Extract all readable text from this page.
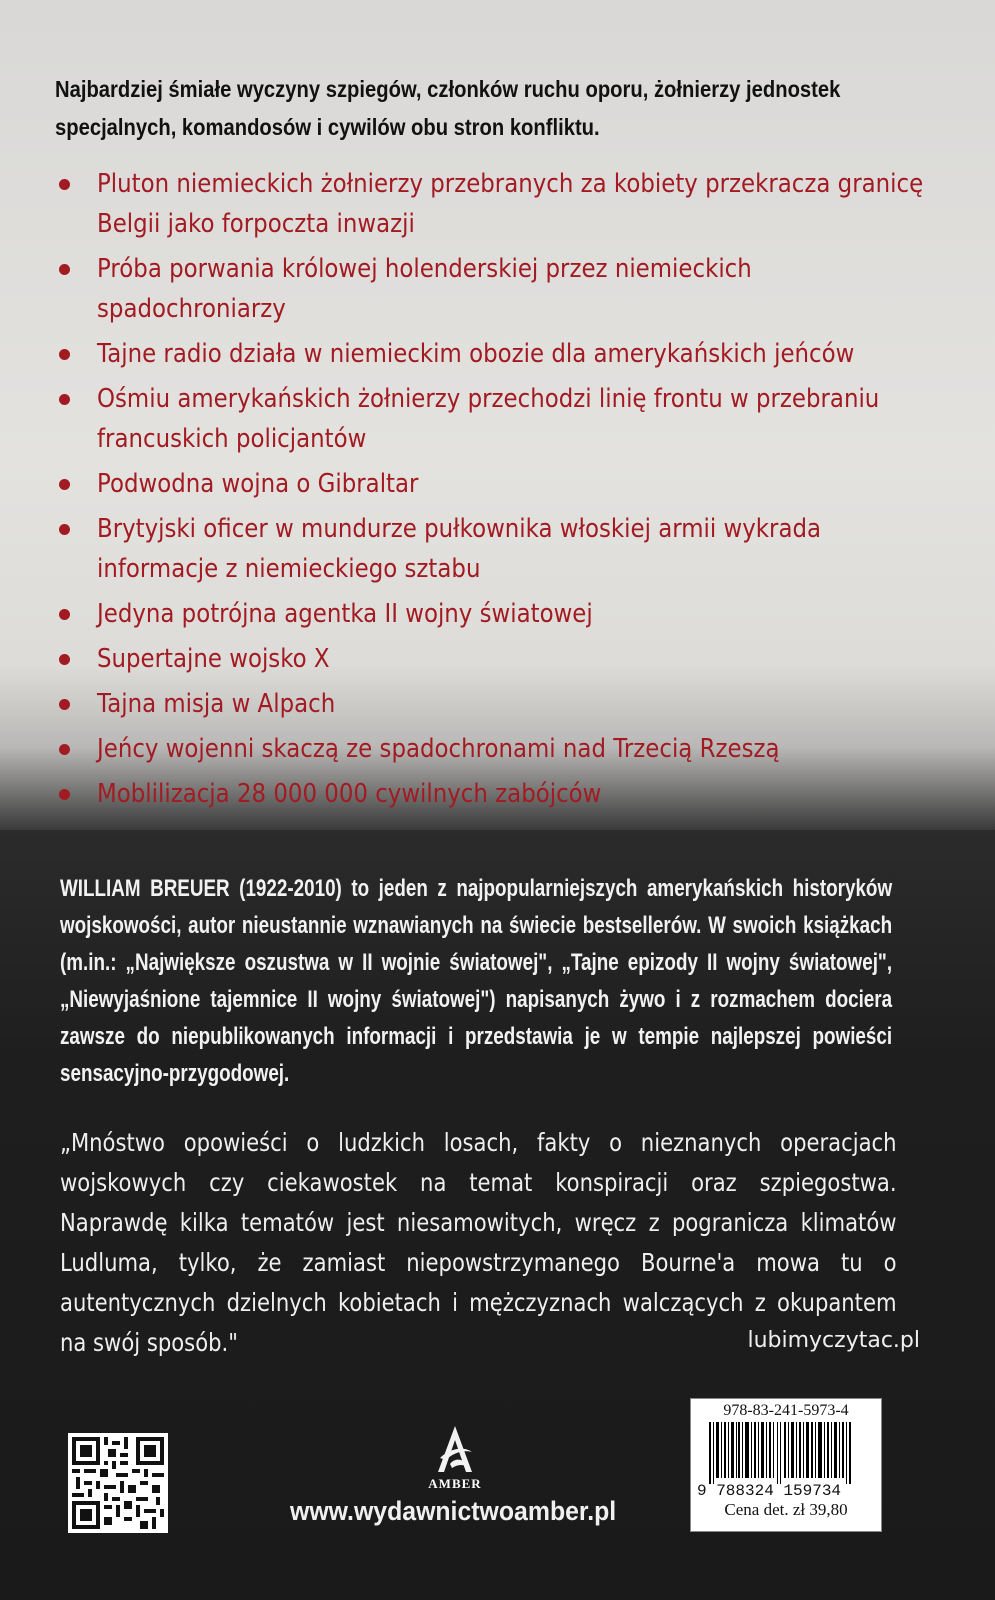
Najbardziej śmiałe wyczyny szpiegów, członków ruchu oporu, żołnierzy jednostek specjalnych, komandosów i cywilów obu stron konfliktu.
Pluton niemieckich żołnierzy przebranych za kobiety przekracza granicę Belgii jako forpoczta inwazji
Próba porwania królowej holenderskiej przez niemieckich spadochroniarzy
Tajne radio działa w niemieckim obozie dla amerykańskich jeńców
Ośmiu amerykańskich żołnierzy przechodzi linię frontu w przebraniu francuskich policjantów
Podwodna wojna o Gibraltar
Brytyjski oficer w mundurze pułkownika włoskiej armii wykrada informacje z niemieckiego sztabu
Jedyna potrójna agentka II wojny światowej
Supertajne wojsko X
Tajna misja w Alpach
Jeńcy wojenni skaczą ze spadochronami nad Trzecią Rzeszą
Moblilizacja 28 000 000 cywilnych zabójców
WILLIAM BREUER (1922-2010) to jeden z najpopularniejszych amerykańskich historyków wojskowości, autor nieustannie wznawianych na świecie bestsellerów. W swoich książkach (m.in.: „Największe oszustwa w II wojnie światowej", „Tajne epizody II wojny światowej", „Niewyjaśnione tajemnice II wojny światowej") napisanych żywo i z rozmachem dociera zawsze do niepublikowanych informacji i przedstawia je w tempie najlepszej powieści sensacyjno-przygodowej.
„Mnóstwo opowieści o ludzkich losach, fakty o nieznanych operacjach wojskowych czy ciekawostek na temat konspiracji oraz szpiegostwa. Naprawdę kilka tematów jest niesamowitych, wręcz z pogranicza klimatów Ludluma, tylko, że zamiast niepowstrzymanego Bourne'a mowa tu o autentycznych dzielnych kobietach i mężczyznach walczących z okupantem na swój sposób."	lubimyczytac.pl
AMBER
www.wydawnictwoamber.pl
978-83-241-5973-4
9 788324 159734
Cena det. zł 39,80
